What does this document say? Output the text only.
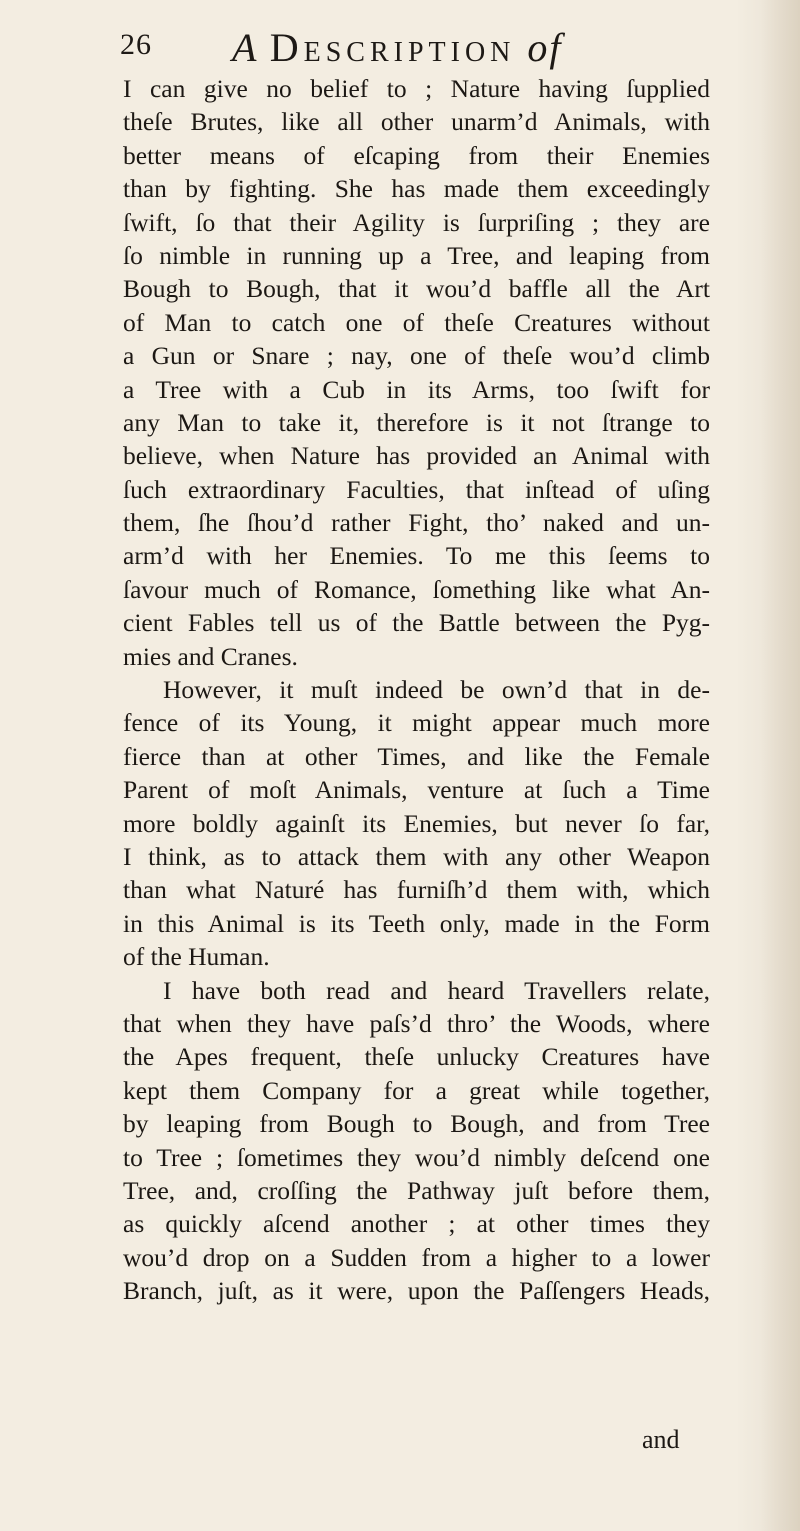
26 A Description of
I can give no belief to ; Nature having ſupplied
theſe Brutes, like all other unarm’d Animals, with
better means of eſcaping from their Enemies
than by fighting. She has made them exceedingly
ſwift, ſo that their Agility is ſurpriſing ; they are
ſo nimble in running up a Tree, and leaping from
Bough to Bough, that it wou’d baffle all the Art
of Man to catch one of theſe Creatures without
a Gun or Snare ; nay, one of theſe wou’d climb
a Tree with a Cub in its Arms, too ſwift for
any Man to take it, therefore is it not ſtrange to
believe, when Nature has provided an Animal with
ſuch extraordinary Faculties, that inſtead of uſing
them, ſhe ſhou’d rather Fight, tho’ naked and un-
arm’d with her Enemies. To me this ſeems to
ſavour much of Romance, ſomething like what An-
cient Fables tell us of the Battle between the Pyg-
mies and Cranes.
However, it muſt indeed be own’d that in de-
fence of its Young, it might appear much more
fierce than at other Times, and like the Female
Parent of moſt Animals, venture at ſuch a Time
more boldly againſt its Enemies, but never ſo far,
I think, as to attack them with any other Weapon
than what Naturé has furniſh’d them with, which
in this Animal is its Teeth only, made in the Form
of the Human.
I have both read and heard Travellers relate,
that when they have paſs’d thro’ the Woods, where
the Apes frequent, theſe unlucky Creatures have
kept them Company for a great while together,
by leaping from Bough to Bough, and from Tree
to Tree ; ſometimes they wou’d nimbly deſcend one
Tree, and, croſſing the Pathway juſt before them,
as quickly aſcend another ; at other times they
wou’d drop on a Sudden from a higher to a lower
Branch, juſt, as it were, upon the Paſſengers Heads,
and
